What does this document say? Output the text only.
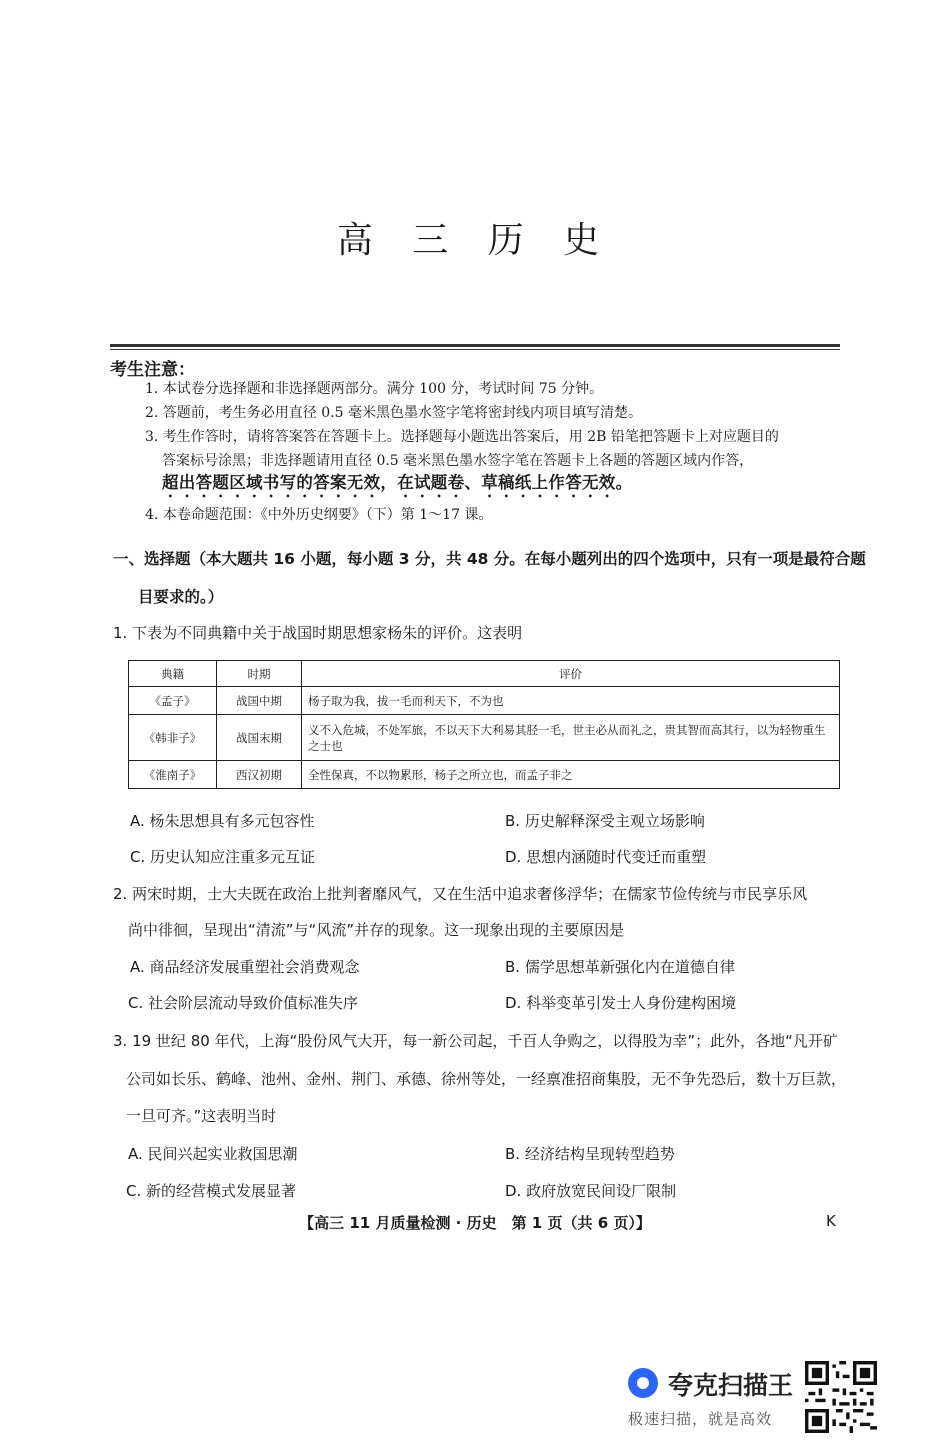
高 三 历 史
考生注意：
1. 本试卷分选择题和非选择题两部分。满分 100 分，考试时间 75 分钟。
2. 答题前，考生务必用直径 0.5 毫米黑色墨水签字笔将密封线内项目填写清楚。
3. 考生作答时，请将答案答在答题卡上。选择题每小题选出答案后，用 2B 铅笔把答题卡上对应题目的
答案标号涂黑；非选择题请用直径 0.5 毫米黑色墨水签字笔在答题卡上各题的答题区域内作答，
超出答题区域书写的答案无效，在试题卷、草稿纸上作答无效。
4. 本卷命题范围：《中外历史纲要》（下）第 1～17 课。
一、选择题（本大题共 16 小题，每小题 3 分，共 48 分。在每小题列出的四个选项中，只有一项是最符合题
目要求的。）
1. 下表为不同典籍中关于战国时期思想家杨朱的评价。这表明
典籍	时期	评价
《孟子》	战国中期	杨子取为我，拔一毛而利天下，不为也
《韩非子》	战国末期	义不入危城，不处军旅，不以天下大利易其胫一毛，世主必从而礼之，贵其智而高其行，以为轻物重生之士也
《淮南子》	西汉初期	全性保真，不以物累形，杨子之所立也，而孟子非之
A. 杨朱思想具有多元包容性	B. 历史解释深受主观立场影响
C. 历史认知应注重多元互证	D. 思想内涵随时代变迁而重塑
2. 两宋时期，士大夫既在政治上批判奢靡风气，又在生活中追求奢侈浮华；在儒家节俭传统与市民享乐风
尚中徘徊，呈现出“清流”与“风流”并存的现象。这一现象出现的主要原因是
A. 商品经济发展重塑社会消费观念	B. 儒学思想革新强化内在道德自律
C. 社会阶层流动导致价值标准失序	D. 科举变革引发士人身份建构困境
3. 19 世纪 80 年代，上海“股份风气大开，每一新公司起，千百人争购之，以得股为幸”；此外，各地“凡开矿
公司如长乐、鹤峰、池州、金州、荆门、承德、徐州等处，一经禀准招商集股，无不争先恐后，数十万巨款，
一旦可齐。”这表明当时
A. 民间兴起实业救国思潮	B. 经济结构呈现转型趋势
C. 新的经营模式发展显著	D. 政府放宽民间设厂限制
【高三 11 月质量检测 · 历史　第 1 页（共 6 页）】	K
夸克扫描王
极速扫描，就是高效
